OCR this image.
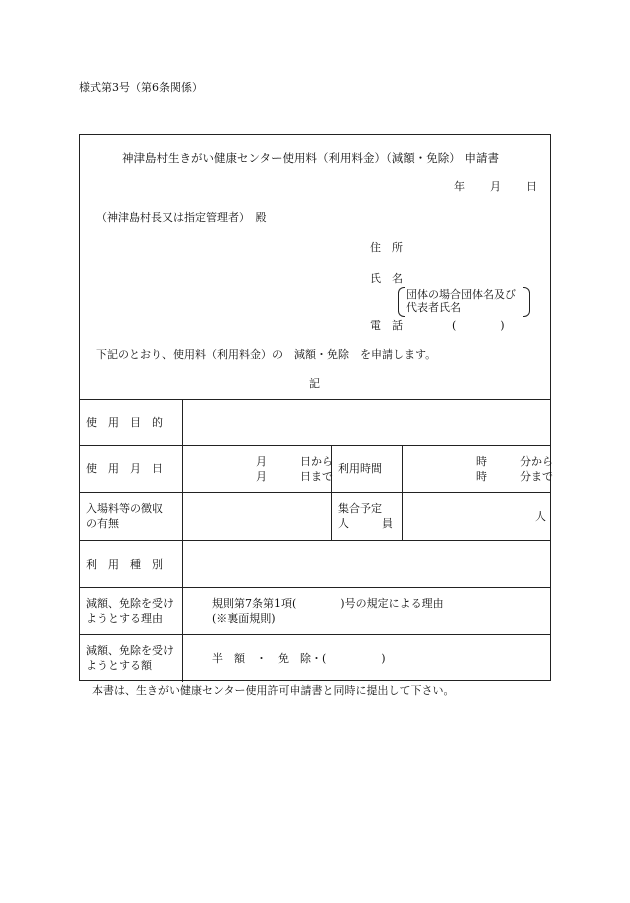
様式第3号（第6条関係）
神津島村生きがい健康センター使用料（利用料金）（減額・免除） 申請書
年 月 日
（神津島村長又は指定管理者）　殿
住　所
氏　名
団体の場合団体名及び
代表者氏名
電　話	(　　　　)
下記のとおり、使用料（利用料金）の　減額・免除　を申請します。
記
使　用　目　的
使　用　月　日
月　　　日から
月　　　日まで
利用時間
時　　　分から
時　　　分まで
入場料等の徴収
の有無
集合予定
人　　　員
人
利　用　種　別
減額、免除を受け
ようとする理由
規則第7条第1項(　　　　)号の規定による理由
(※裏面規則)
減額、免除を受け
ようとする額
半　額　・　免　除・(　　　　　)
本書は、生きがい健康センター使用許可申請書と同時に提出して下さい。
